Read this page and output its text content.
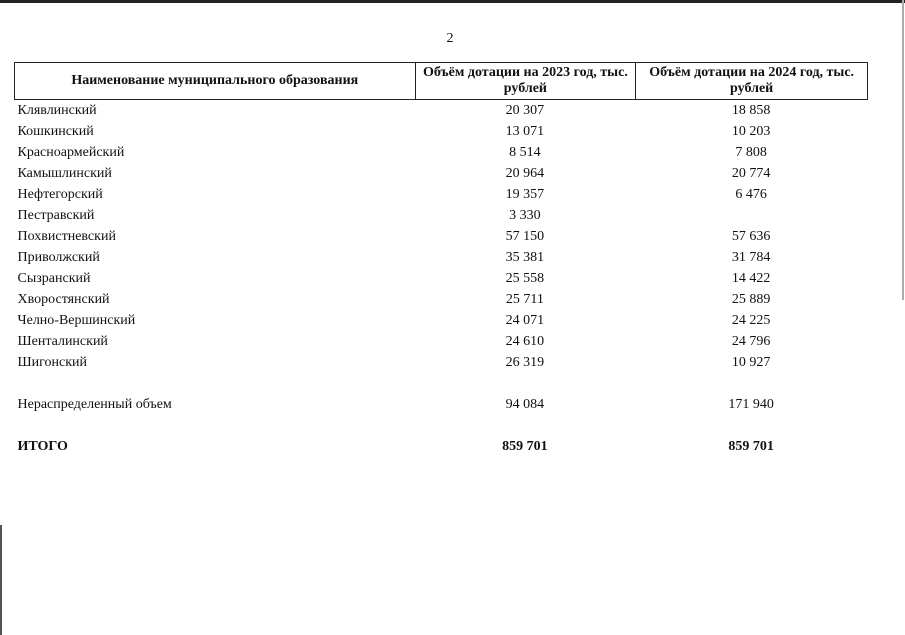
2
Наименование муниципального образования	Объём дотации на 2023 год, тыс. рублей	Объём дотации на 2024 год, тыс. рублей
Клявлинский	20 307	18 858
Кошкинский	13 071	10 203
Красноармейский	8 514	7 808
Камышлинский	20 964	20 774
Нефтегорский	19 357	6 476
Пестравский	3 330	
Похвистневский	57 150	57 636
Приволжский	35 381	31 784
Сызранский	25 558	14 422
Хворостянский	25 711	25 889
Челно-Вершинский	24 071	24 225
Шенталинский	24 610	24 796
Шигонский	26 319	10 927

Нераспределенный объем	94 084	171 940

ИТОГО	859 701	859 701
